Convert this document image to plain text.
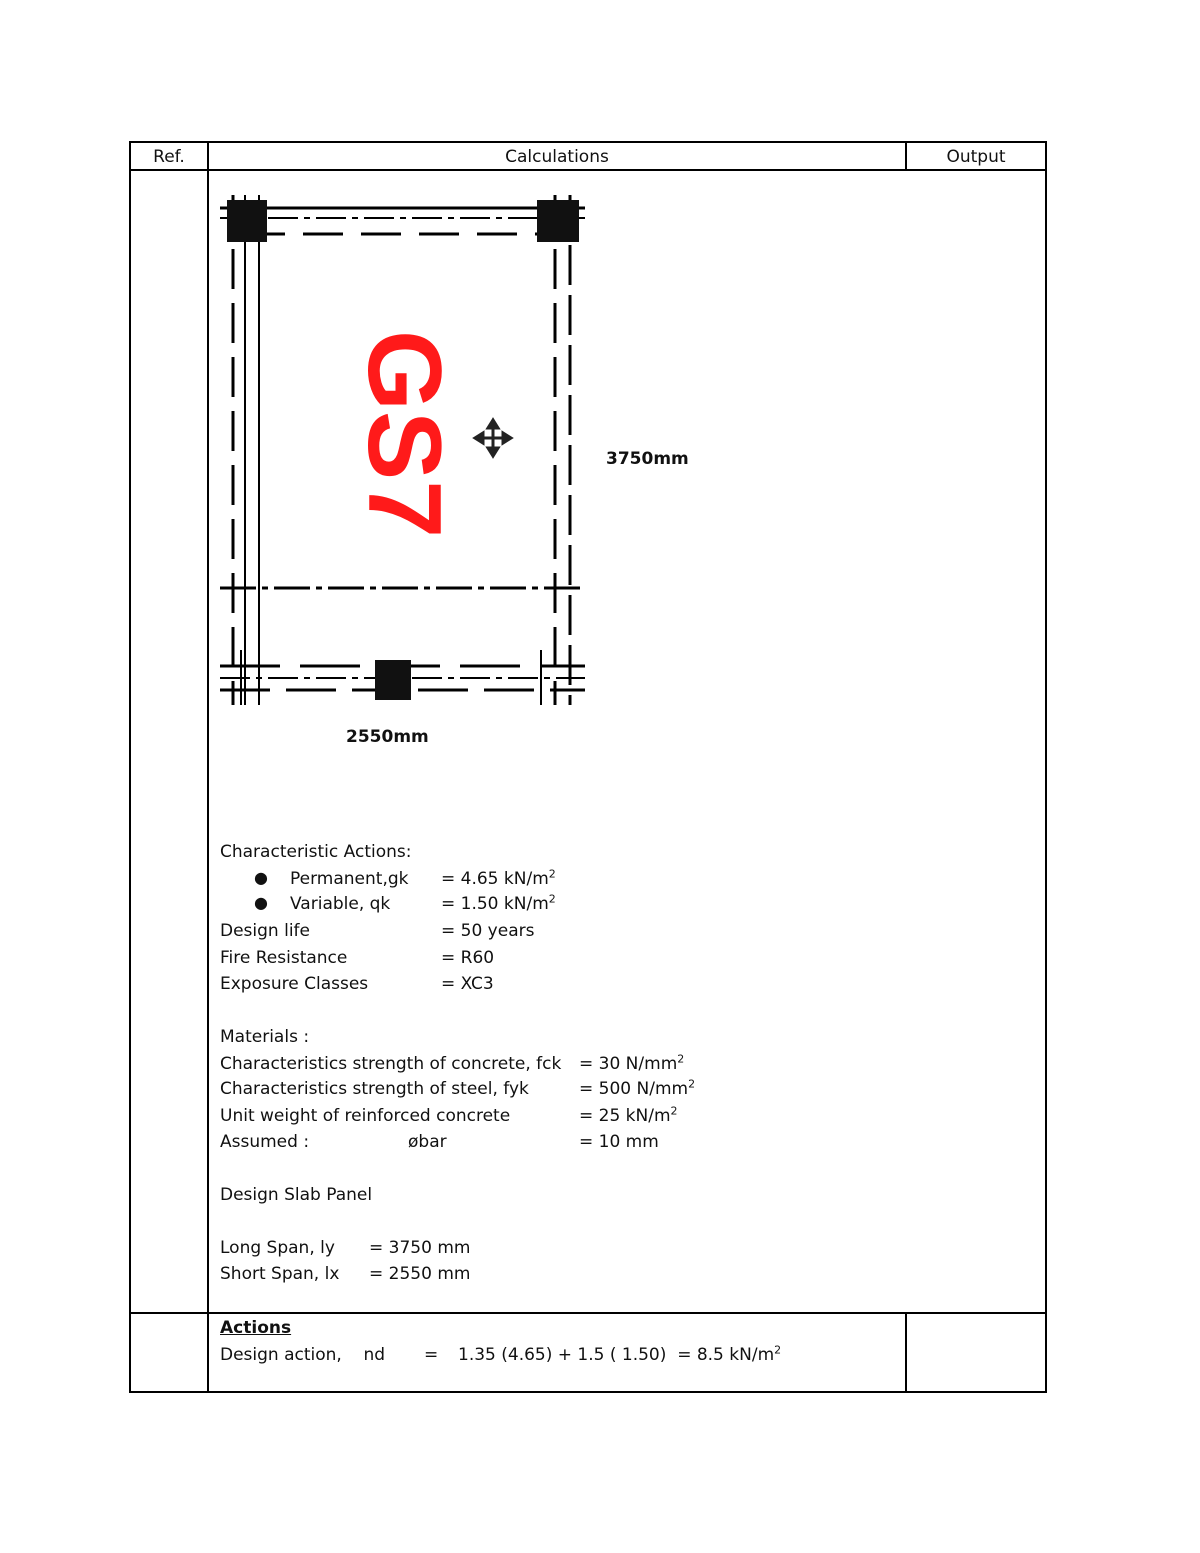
Ref.	Calculations	Output
GS7	3750mm
2550mm
Characteristic Actions:
● Permanent,gk = 4.65 $kN/m^2$
● Variable, qk	= 1.50 $kN/m^2$
Design life	= 50 years
Fire Resistance	= R60
Exposure Classes	= XC3
Materials :
Characteristics strength of concrete, fck = 30 $N/mm^2$
Characteristics strength of steel, fyk	= 500 $N/mm^2$
Unit weight of reinforced concrete	= 25 $kN/m^2$
Assumed :	øbar	= 10 mm
Design Slab Panel
Long Span, ly = 3750 mm
Short Span, lx = 2550 mm
Actions
Design action,    nd = 1.35 (4.65) + 1.5 ( 1.50)  = 8.5 $kN/m^2$
